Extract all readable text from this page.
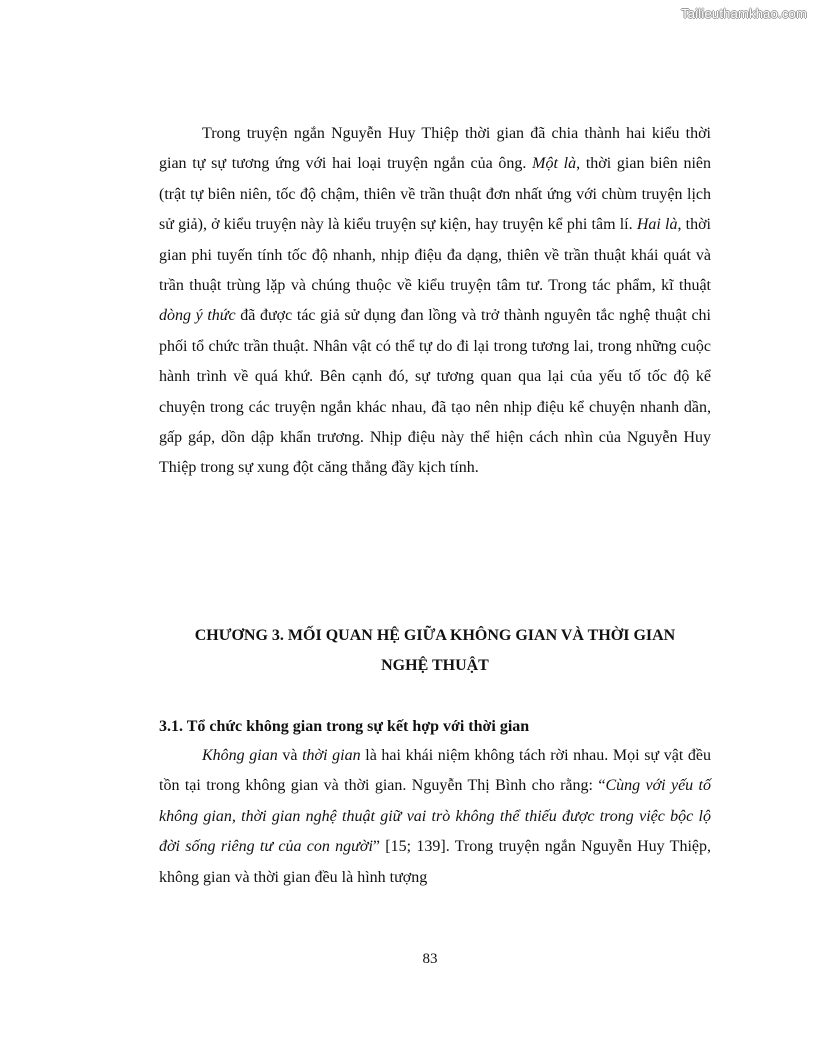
Tailieuthamkhao.com

Trong truyện ngắn Nguyễn Huy Thiệp thời gian đã chia thành hai kiểu thời gian tự sự tương ứng với hai loại truyện ngắn của ông. Một là, thời gian biên niên (trật tự biên niên, tốc độ chậm, thiên về trần thuật đơn nhất ứng với chùm truyện lịch sử giả), ở kiểu truyện này là kiểu truyện sự kiện, hay truyện kể phi tâm lí. Hai là, thời gian phi tuyến tính tốc độ nhanh, nhịp điệu đa dạng, thiên về trần thuật khái quát và trần thuật trùng lặp và chúng thuộc về kiểu truyện tâm tư. Trong tác phẩm, kĩ thuật dòng ý thức đã được tác giả sử dụng đan lồng và trở thành nguyên tắc nghệ thuật chi phối tổ chức trần thuật. Nhân vật có thể tự do đi lại trong tương lai, trong những cuộc hành trình về quá khứ. Bên cạnh đó, sự tương quan qua lại của yếu tố tốc độ kể chuyện trong các truyện ngắn khác nhau, đã tạo nên nhịp điệu kể chuyện nhanh dần, gấp gáp, dồn dập khẩn trương. Nhịp điệu này thể hiện cách nhìn của Nguyễn Huy Thiệp trong sự xung đột căng thẳng đầy kịch tính.

CHƯƠNG 3. MỐI QUAN HỆ GIỮA KHÔNG GIAN VÀ THỜI GIAN
NGHỆ THUẬT
3.1. Tổ chức không gian trong sự kết hợp với thời gian

Không gian và thời gian là hai khái niệm không tách rời nhau. Mọi sự vật đều tồn tại trong không gian và thời gian. Nguyễn Thị Bình cho rằng: “Cùng với yếu tố không gian, thời gian nghệ thuật giữ vai trò không thể thiếu được trong việc bộc lộ đời sống riêng tư của con người” [15; 139]. Trong truyện ngắn Nguyễn Huy Thiệp, không gian và thời gian đều là hình tượng

83
